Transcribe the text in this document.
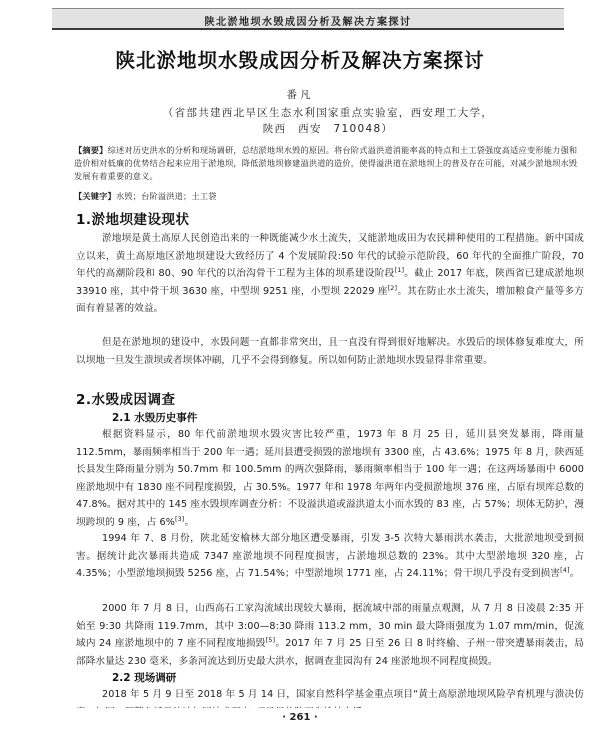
陕北淤地坝水毁成因分析及解决方案探讨
陕北淤地坝水毁成因分析及解决方案探讨
番凡
（省部共建西北旱区生态水利国家重点实验室，西安理工大学，
陕西　西安　710048）
【摘要】综述对历史洪水的分析和现场调研，总结淤地坝水毁的原因。将台阶式溢洪道消能率高的特点和土工袋强度高适应变形能力强和造价相对低廉的优势结合起来应用于淤地坝，降低淤地坝修建溢洪道的造价，使得溢洪道在淤地坝上的普及存在可能，对减少淤地坝水毁发展有着重要的意义。
【关键字】水毁；台阶溢洪道；土工袋
1.淤地坝建设现状
淤地坝是黄土高原人民创造出来的一种既能减少水土流失，又能淤地成田为农民耕种使用的工程措施。新中国成立以来，黄土高原地区淤地坝建设大致经历了 4 个发展阶段:50 年代的试验示范阶段，60 年代的全面推广阶段，70 年代的高潮阶段和 80、90 年代的以治沟骨干工程为主体的坝系建设阶段[1]。截止 2017 年底，陕西省已建成淤地坝 33910 座，其中骨干坝 3630 座，中型坝 9251 座，小型坝 22029 座[2]。其在防止水土流失，增加粮食产量等多方面有着显著的效益。
但是在淤地坝的建设中，水毁问题一直都非常突出，且一直没有得到很好地解决。水毁后的坝体修复难度大，所以坝地一旦发生溃坝或者坝体冲刷，几乎不会得到修复。所以如何防止淤地坝水毁显得非常重要。
2.水毁成因调查
2.1 水毁历史事件
根据资料显示，80 年代前淤地坝水毁灾害比较严重，1973 年 8 月 25 日，延川县突发暴雨，降雨量 112.5mm，暴雨频率相当于 200 年一遇；延川县遭受损毁的淤地坝有 3300 座，占 43.6%；1975 年 8 月，陕西延长县发生降雨量分别为 50.7mm 和 100.5mm 的两次强降雨，暴雨频率相当于 100 年一遇；在这两场暴雨中 6000 座淤地坝中有 1830 座不同程度损毁，占 30.5%。1977 年和 1978 年两年内受损淤地坝 376 座，占原有坝库总数的 47.8%。据对其中的 145 座水毁坝库调查分析：不设溢洪道或溢洪道太小而水毁的 83 座，占 57%；坝体无防护，漫坝跨坝的 9 座，占 6%[3]。
1994 年 7、8 月份，陕北延安榆林大部分地区遭受暴雨，引发 3-5 次特大暴雨洪水袭击，大批淤地坝受到损害。据统计此次暴雨共造成 7347 座淤地坝不同程度损害，占淤地坝总数的 23%。其中大型淤地坝 320 座，占 4.35%；小型淤地坝损毁 5256 座，占 71.54%；中型淤地坝 1771 座，占 24.11%；骨干坝几乎没有受到损害[4]。
2000 年 7 月 8 日，山西高石工家沟流域出现较大暴雨，据流域中部的雨量点观测，从 7 月 8 日凌晨 2:35 开始至 9:30 共降雨 119.7mm，其中 3:00—8:30 降雨 113.2 mm，30 min 最大降雨强度为 1.07 mm/min，促流域内 24 座淤地坝中的 7 座不同程度地损毁[5]。2017 年 7 月 25 日至 26 日 8 时终榆、子州一带突遭暴雨袭击，局部降水量达 230 毫米，多条河流达到历史最大洪水，据调查韭园沟有 24 座淤地坝不同程度损毁。
2.2 现场调研
2018 年 5 月 9 日至 2018 年 5 月 14 日，国家自然科学基金重点项目“黄土高原淤地坝风险孕育机理与溃决仿
· 261 ·
